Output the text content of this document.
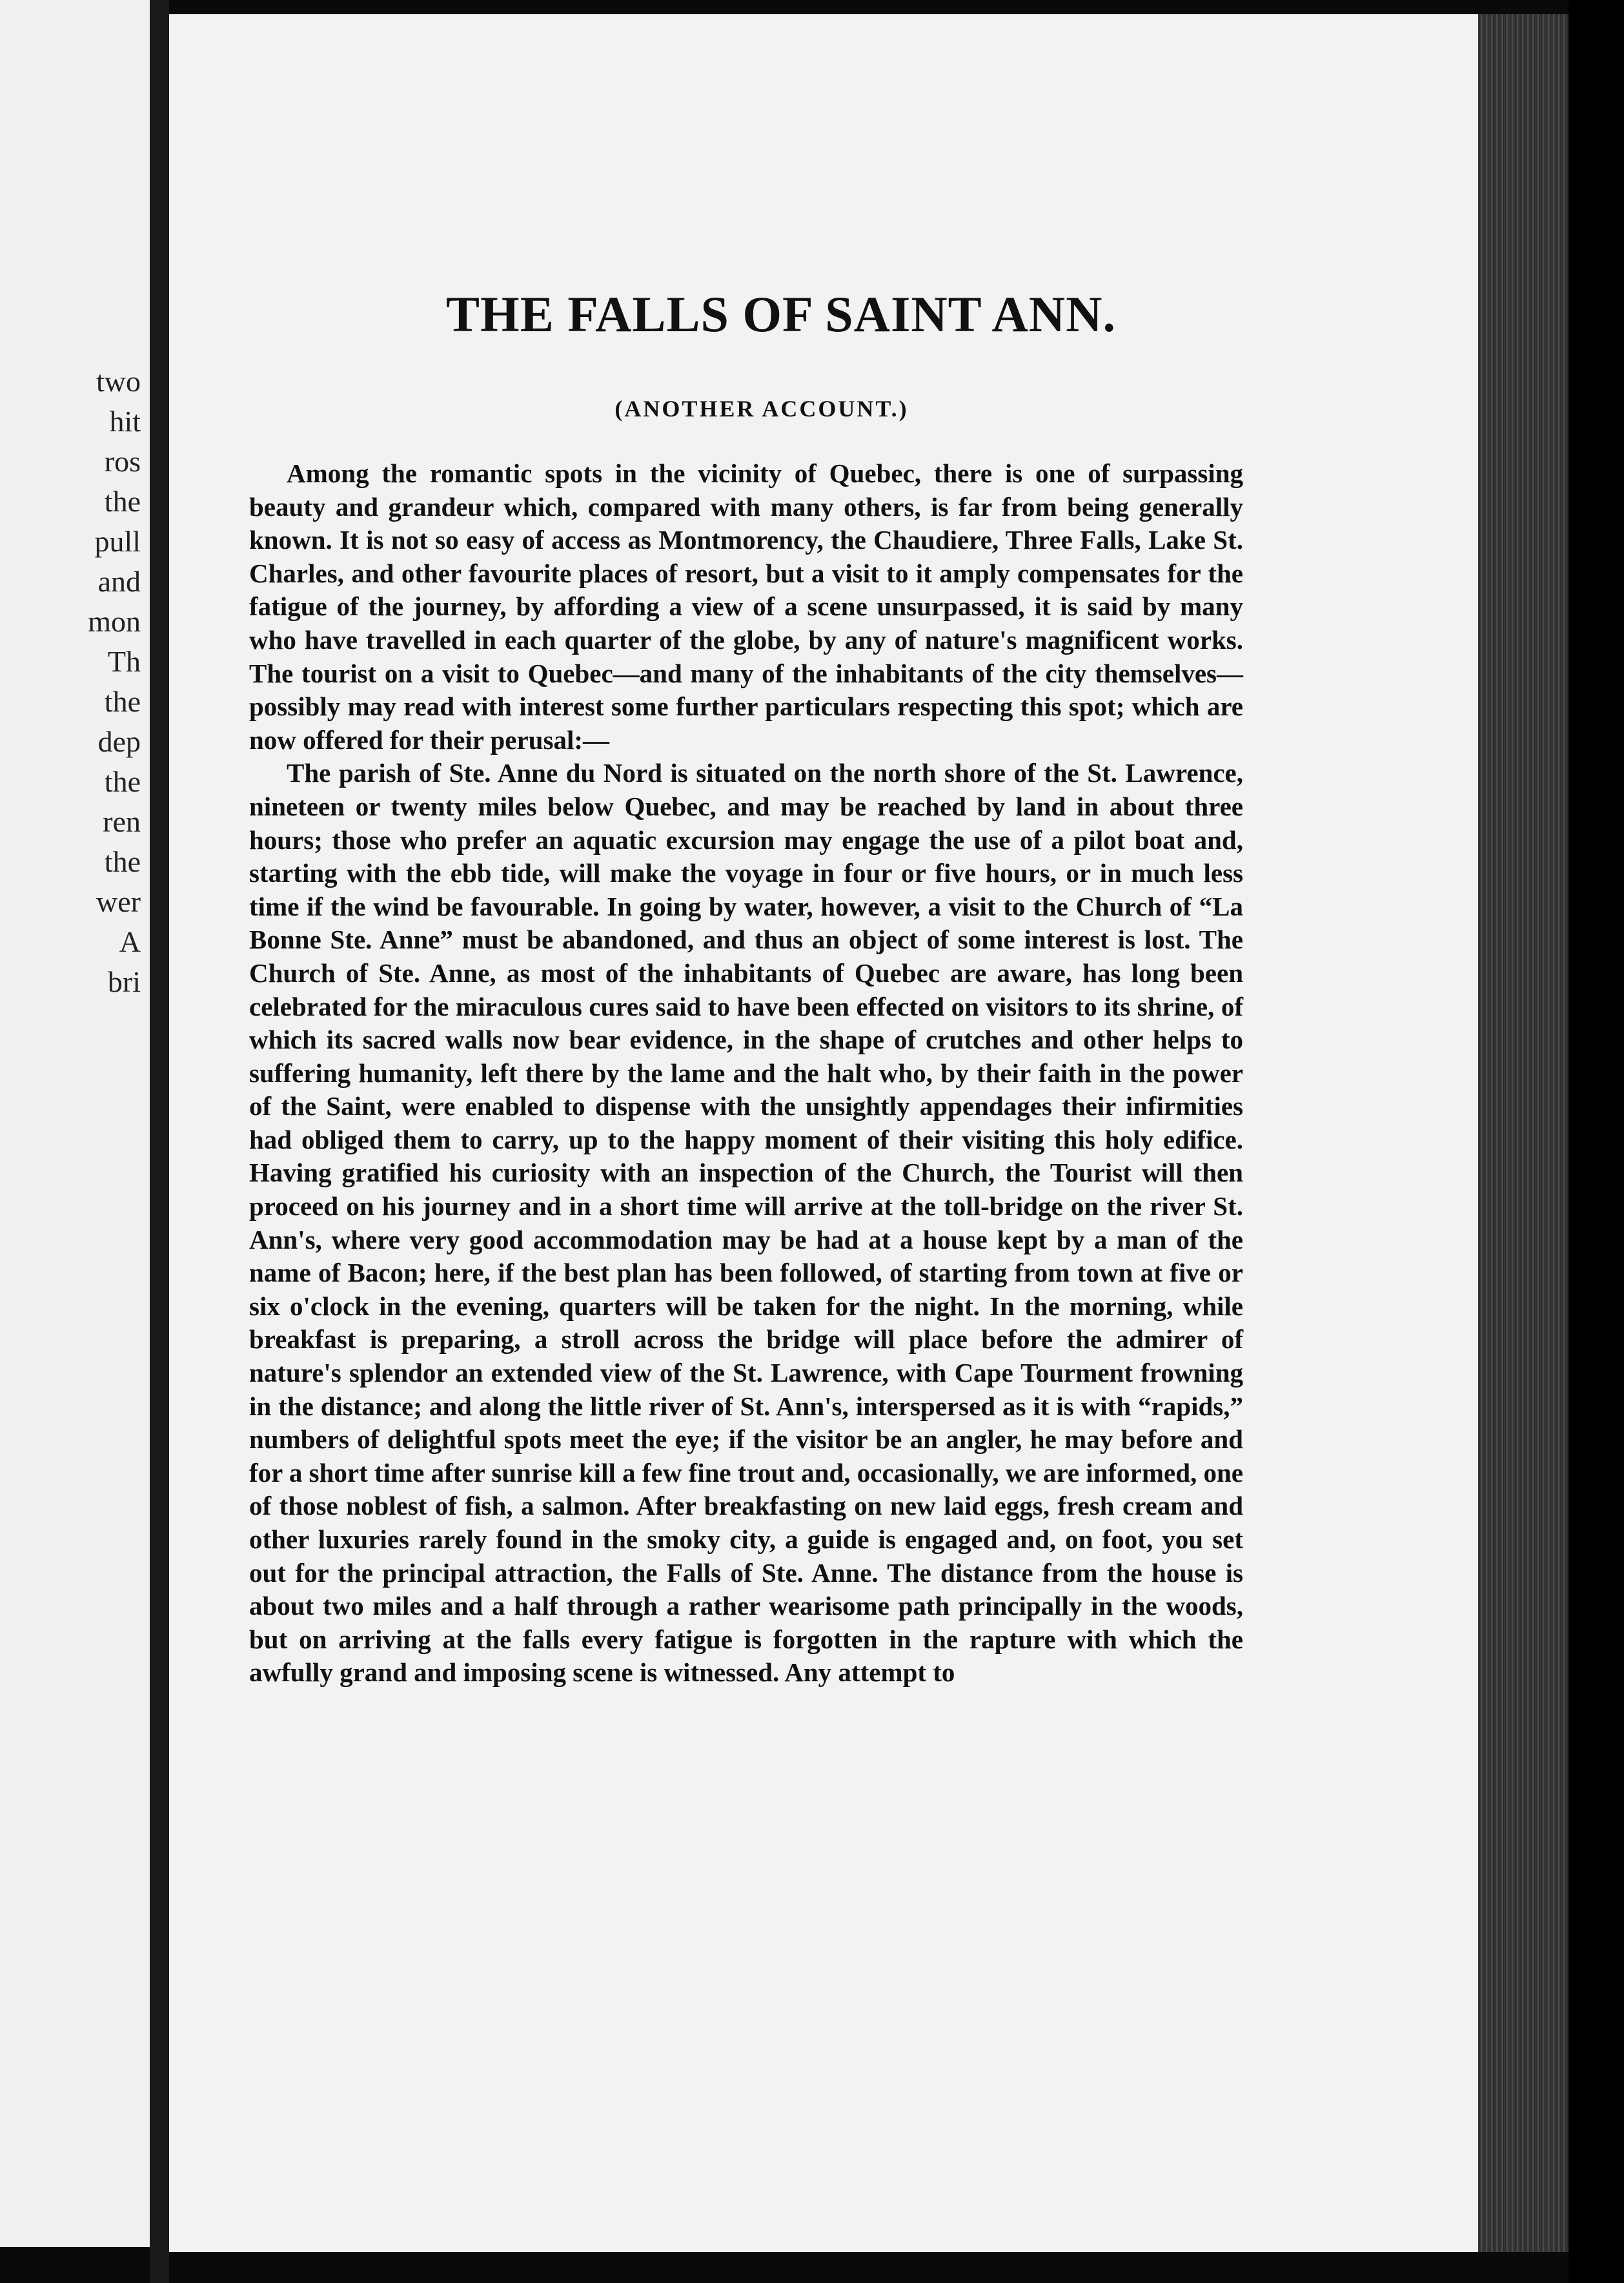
two
hit
ros
the
pull
and
mon
Th
the
dep
the
ren
the
wer
A
bri
THE FALLS OF SAINT ANN.
(ANOTHER ACCOUNT.)

Among the romantic spots in the vicinity of Quebec, there is one of surpassing beauty and grandeur which, compared with many others, is far from being generally known. It is not so easy of access as Montmorency, the Chaudiere, Three Falls, Lake St. Charles, and other favourite places of resort, but a visit to it amply compensates for the fatigue of the journey, by affording a view of a scene unsurpassed, it is said by many who have travelled in each quarter of the globe, by any of nature's magnificent works. The tourist on a visit to Quebec—and many of the inhabitants of the city themselves—possibly may read with interest some further particulars respecting this spot; which are now offered for their perusal:—

The parish of Ste. Anne du Nord is situated on the north shore of the St. Lawrence, nineteen or twenty miles below Quebec, and may be reached by land in about three hours; those who prefer an aquatic excursion may engage the use of a pilot boat and, starting with the ebb tide, will make the voyage in four or five hours, or in much less time if the wind be favourable. In going by water, however, a visit to the Church of “La Bonne Ste. Anne” must be abandoned, and thus an object of some interest is lost. The Church of Ste. Anne, as most of the inhabitants of Quebec are aware, has long been celebrated for the miraculous cures said to have been effected on visitors to its shrine, of which its sacred walls now bear evidence, in the shape of crutches and other helps to suffering humanity, left there by the lame and the halt who, by their faith in the power of the Saint, were enabled to dispense with the unsightly appendages their infirmities had obliged them to carry, up to the happy moment of their visiting this holy edifice. Having gratified his curiosity with an inspection of the Church, the Tourist will then proceed on his journey and in a short time will arrive at the toll-bridge on the river St. Ann's, where very good accommodation may be had at a house kept by a man of the name of Bacon; here, if the best plan has been followed, of starting from town at five or six o'clock in the evening, quarters will be taken for the night. In the morning, while breakfast is preparing, a stroll across the bridge will place before the admirer of nature's splendor an extended view of the St. Lawrence, with Cape Tourment frowning in the distance; and along the little river of St. Ann's, interspersed as it is with “rapids,” numbers of delightful spots meet the eye; if the visitor be an angler, he may before and for a short time after sunrise kill a few fine trout and, occasionally, we are informed, one of those noblest of fish, a salmon. After breakfasting on new laid eggs, fresh cream and other luxuries rarely found in the smoky city, a guide is engaged and, on foot, you set out for the principal attraction, the Falls of Ste. Anne. The distance from the house is about two miles and a half through a rather wearisome path principally in the woods, but on arriving at the falls every fatigue is forgotten in the rapture with which the awfully grand and imposing scene is witnessed. Any attempt to
